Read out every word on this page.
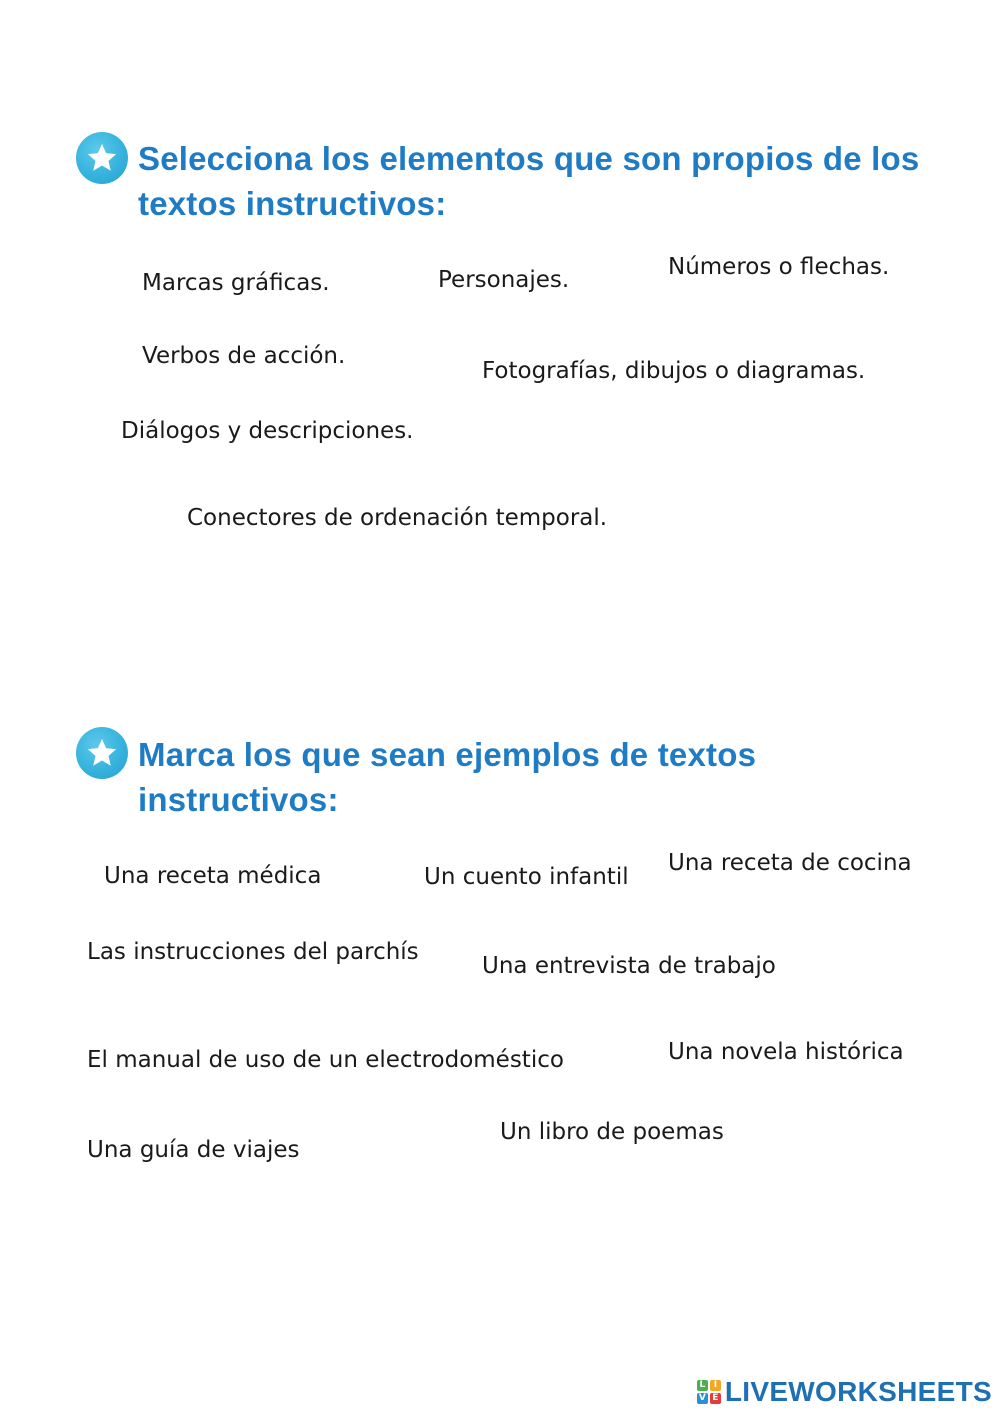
Selecciona los elementos que son propios de los
textos instructivos:

Marcas gráficas.	Personajes.	Números o flechas.

Verbos de acción.

Fotografías, dibujos o diagramas.

Diálogos y descripciones.

Conectores de ordenación temporal.

Marca los que sean ejemplos de textos
instructivos:

Una receta médica	Un cuento infantil

Una receta de cocina

Las instrucciones del parchís

Una entrevista de trabajo

El manual de uso de un electrodoméstico	Una novela histórica

Una guía de viajes

Un libro de poemas

L I
V E LIVEWORKSHEETS
